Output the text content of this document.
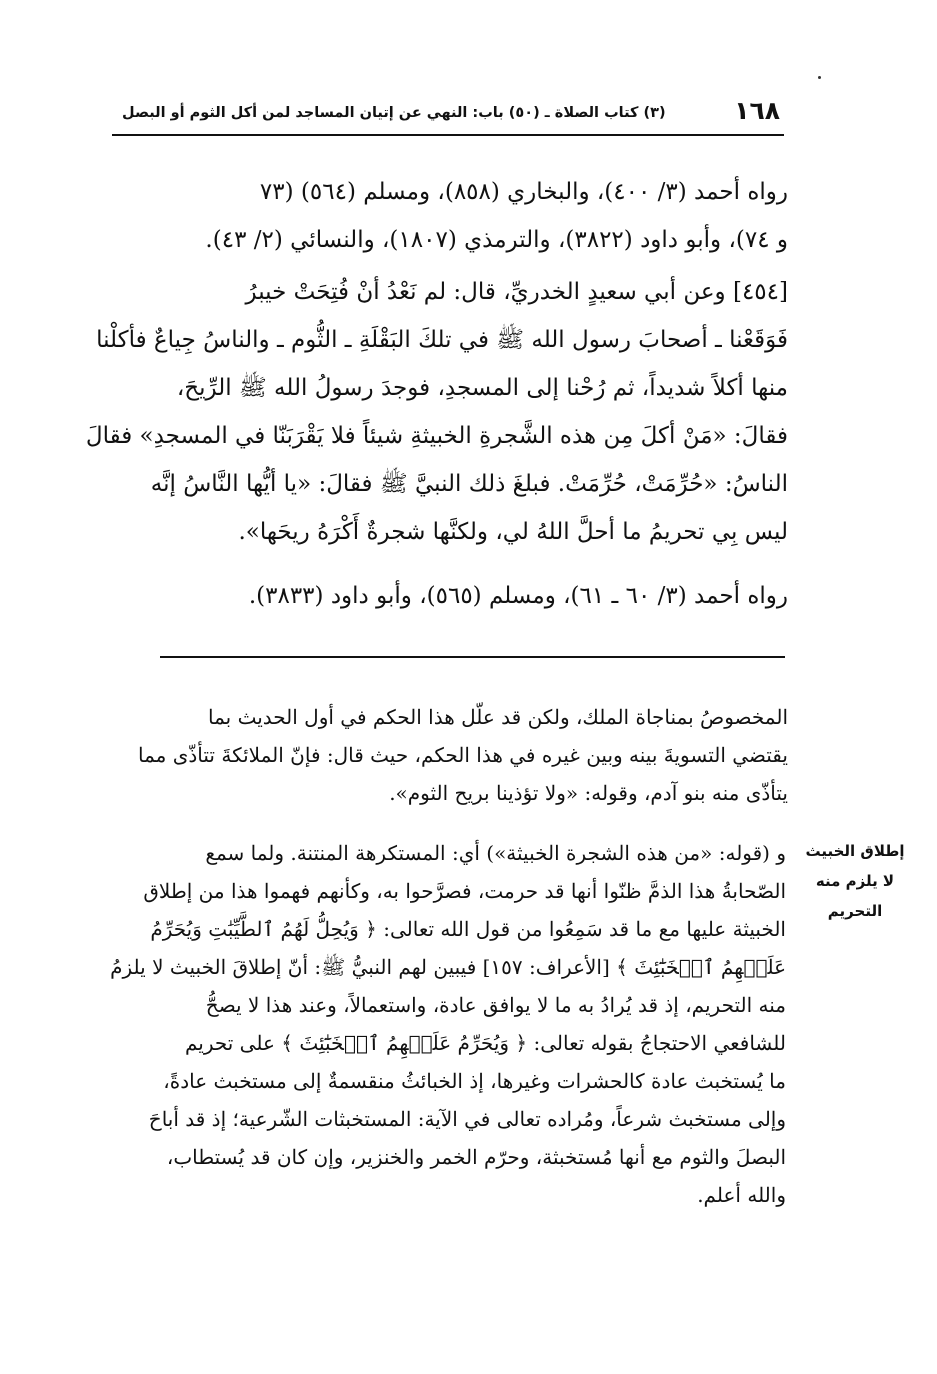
١٦٨
(٣) كتاب الصلاة ـ (٥٠) باب: النهي عن إتيان المساجد لمن أكل الثوم أو البصل
رواه أحمد (٣/ ٤٠٠)، والبخاري (٨٥٨)، ومسلم (٥٦٤) (٧٣
و ٧٤)، وأبو داود (٣٨٢٢)، والترمذي (١٨٠٧)، والنسائي (٢/ ٤٣).
[٤٥٤] وعن أبي سعيدٍ الخدريِّ، قال: لم نَعْدُ أنْ فُتِحَتْ خيبرُ
فَوَقَعْنا ـ أصحابَ رسول الله ﷺ في تلكَ البَقْلَةِ ـ الثُّوم ـ والناسُ جِياعٌ فأكلْنا
منها أكلاً شديداً، ثم رُحْنا إلى المسجدِ، فوجدَ رسولُ الله ﷺ الرِّيحَ،
فقالَ: «مَنْ أكلَ مِن هذه الشَّجرةِ الخبيثةِ شيئاً فلا يَقْرَبَنّا في المسجدِ» فقالَ
الناسُ: «حُرِّمَتْ، حُرِّمَتْ. فبلغَ ذلك النبيَّ ﷺ فقالَ: «يا أيُّها النَّاسُ إنَّه
ليس بِي تحريمُ ما أحلَّ اللهُ لي، ولكنَّها شجرةٌ أَكْرَهُ ريحَها».
رواه أحمد (٣/ ٦٠ ـ ٦١)، ومسلم (٥٦٥)، وأبو داود (٣٨٣٣).
المخصوصُ بمناجاة الملك، ولكن قد علّل هذا الحكم في أول الحديث بما
يقتضي التسويةَ بينه وبين غيره في هذا الحكم، حيث قال: فإنّ الملائكةَ تتأذّى مما
يتأذّى منه بنو آدم، وقوله: «ولا تؤذينا بريح الثوم».
و (قوله: «من هذه الشجرة الخبيثة») أي: المستكرهة المنتنة. ولما سمع
الصّحابةُ هذا الذمَّ ظنّوا أنها قد حرمت، فصرَّحوا به، وكأنهم فهموا هذا من إطلاق
الخبيثة عليها مع ما قد سَمِعُوا من قول الله تعالى: ﴿ وَيُحِلُّ لَهُمُ ٱلطَّيِّبَٰتِ وَيُحَرِّمُ
عَلَيۡهِمُ ٱلۡخَبَٰٓئِثَ ﴾ [الأعراف: ١٥٧] فيبين لهم النبيُّ ﷺ: أنّ إطلاقَ الخبيث لا يلزمُ
منه التحريم، إذ قد يُرادُ به ما لا يوافق عادة، واستعمالاً، وعند هذا لا يصحُّ
للشافعي الاحتجاجُ بقوله تعالى: ﴿ وَيُحَرِّمُ عَلَيۡهِمُ ٱلۡخَبَٰٓئِثَ ﴾ على تحريم
ما يُستخبث عادة كالحشرات وغيرها، إذ الخبائثُ منقسمةٌ إلى مستخبث عادةً،
وإلى مستخبث شرعاً، ومُراده تعالى في الآية: المستخبثات الشّرعية؛ إذ قد أباحَ
البصلَ والثوم مع أنها مُستخبثة، وحرّم الخمر والخنزير، وإن كان قد يُستطاب،
والله أعلم.
إطلاق الخبيث
لا يلزم منه
التحريم
